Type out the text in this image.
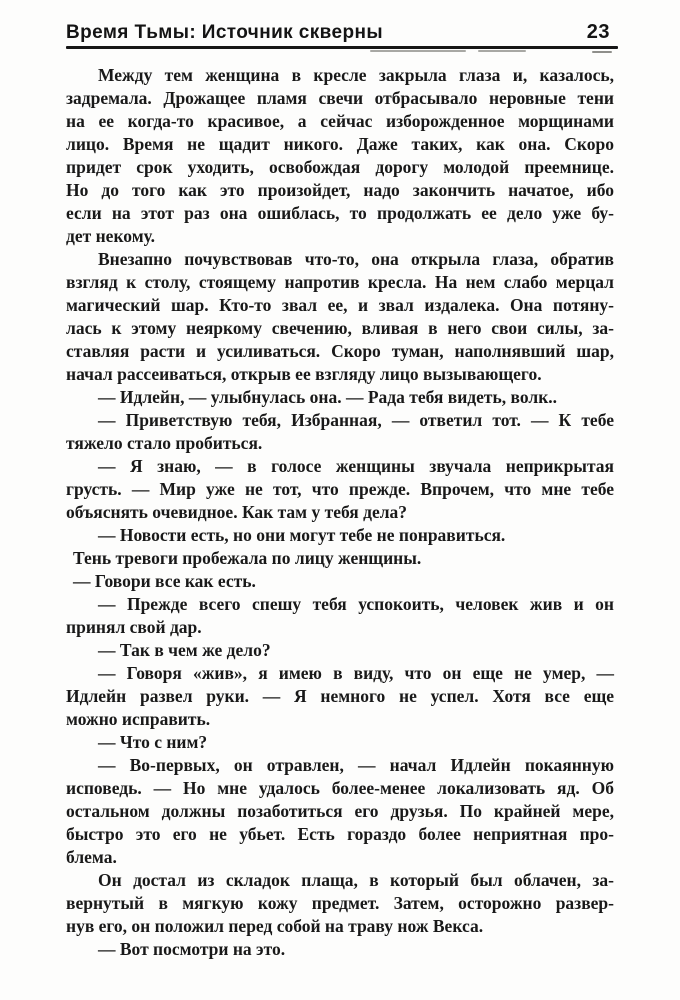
Время Тьмы: Источник скверны	23
Между тем женщина в кресле закрыла глаза и, казалось,
задремала. Дрожащее пламя свечи отбрасывало неровные тени
на ее когда-то красивое, а сейчас изборожденное морщинами
лицо. Время не щадит никого. Даже таких, как она. Скоро
придет срок уходить, освобождая дорогу молодой преемнице.
Но до того как это произойдет, надо закончить начатое, ибо
если на этот раз она ошиблась, то продолжать ее дело уже бу-
дет некому.
Внезапно почувствовав что-то, она открыла глаза, обратив
взгляд к столу, стоящему напротив кресла. На нем слабо мерцал
магический шар. Кто-то звал ее, и звал издалека. Она потяну-
лась к этому неяркому свечению, вливая в него свои силы, за-
ставляя расти и усиливаться. Скоро туман, наполнявший шар,
начал рассеиваться, открыв ее взгляду лицо вызывающего.
— Идлейн, — улыбнулась она. — Рада тебя видеть, волк..
— Приветствую тебя, Избранная, — ответил тот. — К тебе
тяжело стало пробиться.
— Я знаю, — в голосе женщины звучала неприкрытая
грусть. — Мир уже не тот, что прежде. Впрочем, что мне тебе
объяснять очевидное. Как там у тебя дела?
— Новости есть, но они могут тебе не понравиться.
Тень тревоги пробежала по лицу женщины.
— Говори все как есть.
— Прежде всего спешу тебя успокоить, человек жив и он
принял свой дар.
— Так в чем же дело?
— Говоря «жив», я имею в виду, что он еще не умер, —
Идлейн развел руки. — Я немного не успел. Хотя все еще
можно исправить.
— Что с ним?
— Во-первых, он отравлен, — начал Идлейн покаянную
исповедь. — Но мне удалось более-менее локализовать яд. Об
остальном должны позаботиться его друзья. По крайней мере,
быстро это его не убьет. Есть гораздо более неприятная про-
блема.
Он достал из складок плаща, в который был облачен, за-
вернутый в мягкую кожу предмет. Затем, осторожно развер-
нув его, он положил перед собой на траву нож Векса.
— Вот посмотри на это.
